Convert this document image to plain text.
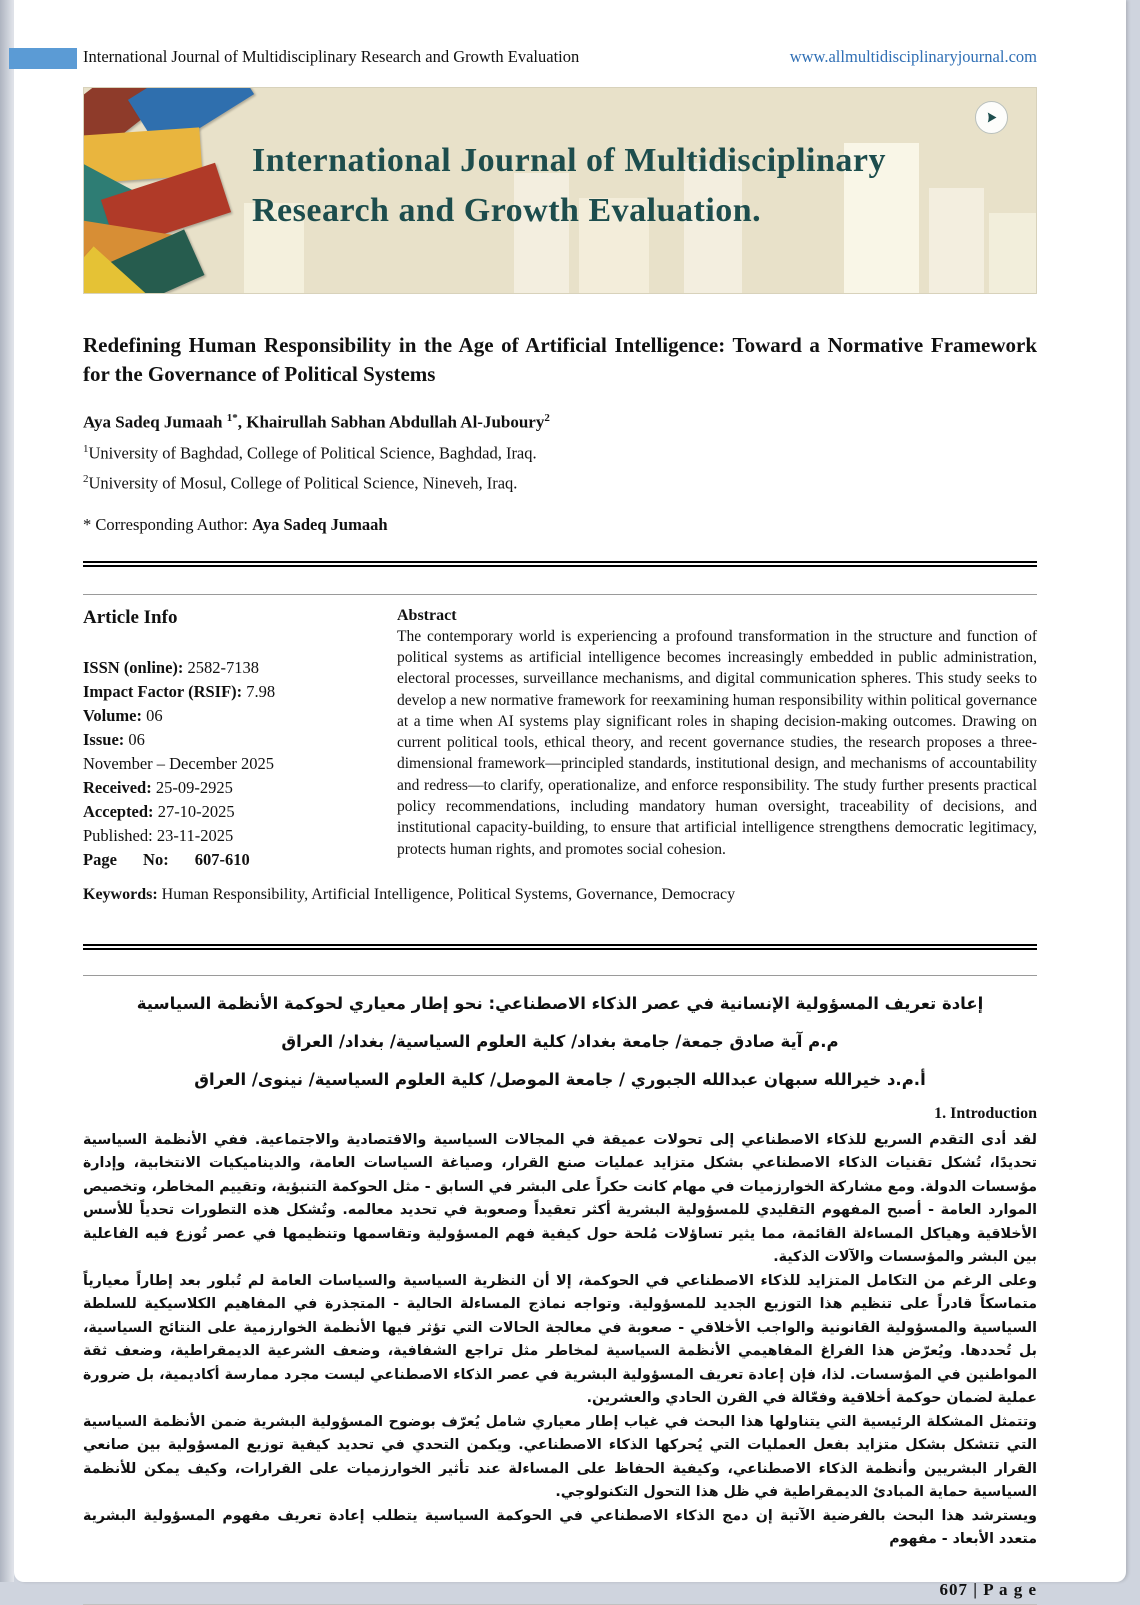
International Journal of Multidisciplinary Research and Growth Evaluation	www.allmultidisciplinaryjournal.com
International Journal of Multidisciplinary
Research and Growth Evaluation.
Redefining Human Responsibility in the Age of Artificial Intelligence: Toward a Normative Framework for the Governance of Political Systems
Aya Sadeq Jumaah $^{1*}$, Khairullah Sabhan Abdullah Al-Juboury$^2$

$^1$University of Baghdad, College of Political Science, Baghdad, Iraq.

$^2$University of Mosul, College of Political Science, Nineveh, Iraq.

* Corresponding Author: Aya Sadeq Jumaah
Article Info
ISSN (online): 2582-7138
Impact Factor (RSIF): 7.98
Volume: 06
Issue: 06
November – December 2025
Received: 25-09-2925
Accepted: 27-10-2025
Published: 23-11-2025
Page No: 607-610
Abstract
The contemporary world is experiencing a profound transformation in the structure and function of political systems as artificial intelligence becomes increasingly embedded in public administration, electoral processes, surveillance mechanisms, and digital communication spheres. This study seeks to develop a new normative framework for reexamining human responsibility within political governance at a time when AI systems play significant roles in shaping decision-making outcomes. Drawing on current political tools, ethical theory, and recent governance studies, the research proposes a three-dimensional framework—principled standards, institutional design, and mechanisms of accountability and redress—to clarify, operationalize, and enforce responsibility. The study further presents practical policy recommendations, including mandatory human oversight, traceability of decisions, and institutional capacity-building, to ensure that artificial intelligence strengthens democratic legitimacy, protects human rights, and promotes social cohesion.
Keywords: Human Responsibility, Artificial Intelligence, Political Systems, Governance, Democracy

إعادة تعريف المسؤولية الإنسانية في عصر الذكاء الاصطناعي: نحو إطار معياري لحوكمة الأنظمة السياسية

م.م آية صادق جمعة/ جامعة بغداد/ كلية العلوم السياسية/ بغداد/ العراق

أ.م.د خيرالله سبهان عبدالله الجبوري / جامعة الموصل/ كلية العلوم السياسية/ نينوى/ العراق

1. Introduction

لقد أدى التقدم السريع للذكاء الاصطناعي إلى تحولات عميقة في المجالات السياسية والاقتصادية والاجتماعية. ففي الأنظمة السياسية تحديدًا، تُشكل تقنيات الذكاء الاصطناعي بشكل متزايد عمليات صنع القرار، وصياغة السياسات العامة، والديناميكيات الانتخابية، وإدارة مؤسسات الدولة. ومع مشاركة الخوارزميات في مهام كانت حكراً على البشر في السابق - مثل الحوكمة التنبؤية، وتقييم المخاطر، وتخصيص الموارد العامة - أصبح المفهوم التقليدي للمسؤولية البشرية أكثر تعقيداً وصعوبة في تحديد معالمه. وتُشكل هذه التطورات تحدياً للأسس الأخلاقية وهياكل المساءلة القائمة، مما يثير تساؤلات مُلحة حول كيفية فهم المسؤولية وتقاسمها وتنظيمها في عصر تُوزع فيه الفاعلية بين البشر والمؤسسات والآلات الذكية.

وعلى الرغم من التكامل المتزايد للذكاء الاصطناعي في الحوكمة، إلا أن النظرية السياسية والسياسات العامة لم تُبلور بعد إطاراً معيارياً متماسكاً قادراً على تنظيم هذا التوزيع الجديد للمسؤولية. وتواجه نماذج المساءلة الحالية - المتجذرة في المفاهيم الكلاسيكية للسلطة السياسية والمسؤولية القانونية والواجب الأخلاقي - صعوبة في معالجة الحالات التي تؤثر فيها الأنظمة الخوارزمية على النتائج السياسية، بل تُحددها. ويُعرّض هذا الفراغ المفاهيمي الأنظمة السياسية لمخاطر مثل تراجع الشفافية، وضعف الشرعية الديمقراطية، وضعف ثقة المواطنين في المؤسسات. لذا، فإن إعادة تعريف المسؤولية البشرية في عصر الذكاء الاصطناعي ليست مجرد ممارسة أكاديمية، بل ضرورة عملية لضمان حوكمة أخلاقية وفعّالة في القرن الحادي والعشرين.

وتتمثل المشكلة الرئيسية التي يتناولها هذا البحث في غياب إطار معياري شامل يُعرّف بوضوح المسؤولية البشرية ضمن الأنظمة السياسية التي تتشكل بشكل متزايد بفعل العمليات التي يُحركها الذكاء الاصطناعي. ويكمن التحدي في تحديد كيفية توزيع المسؤولية بين صانعي القرار البشريين وأنظمة الذكاء الاصطناعي، وكيفية الحفاظ على المساءلة عند تأثير الخوارزميات على القرارات، وكيف يمكن للأنظمة السياسية حماية المبادئ الديمقراطية في ظل هذا التحول التكنولوجي.

ويسترشد هذا البحث بالفرضية الآتية إن دمج الذكاء الاصطناعي في الحوكمة السياسية يتطلب إعادة تعريف مفهوم المسؤولية البشرية متعدد الأبعاد - مفهوم

607 | P a g e
